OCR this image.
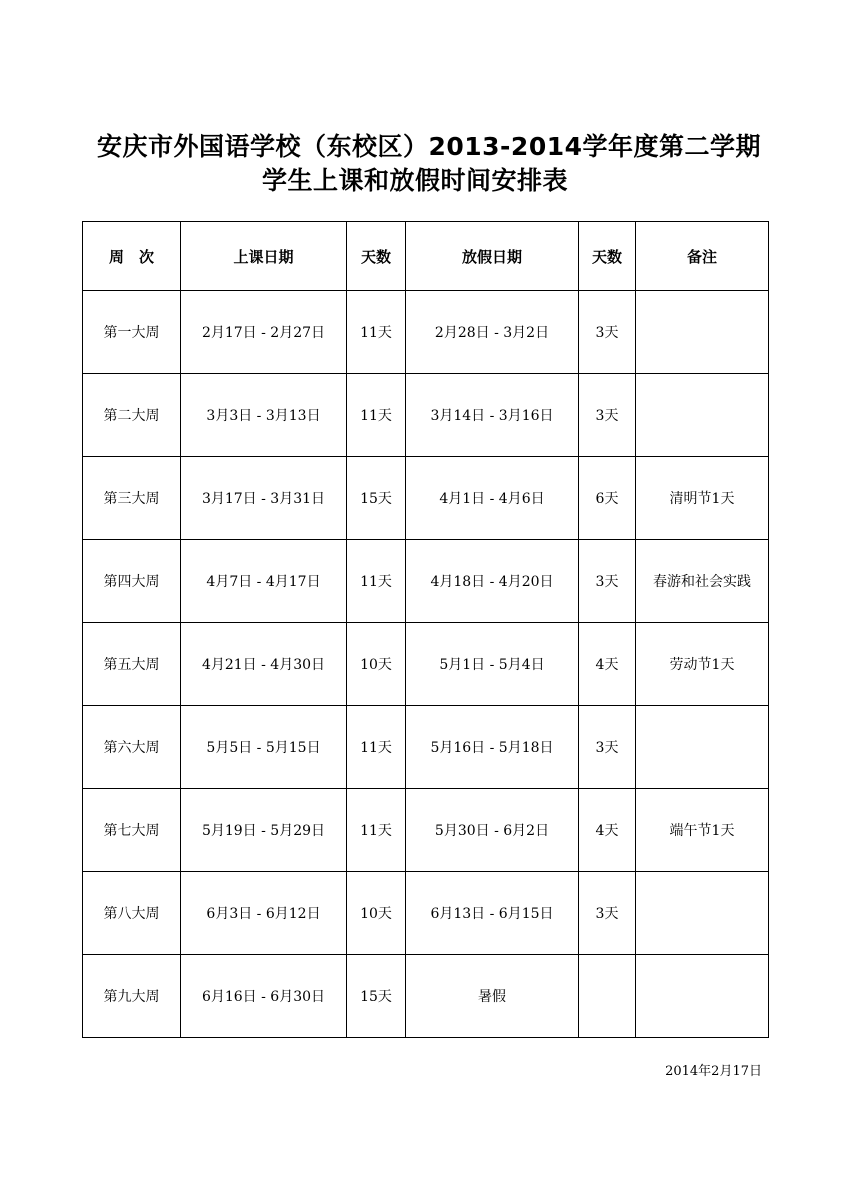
安庆市外国语学校（东校区）2013-2014学年度第二学期
学生上课和放假时间安排表
周　次	上课日期	天数	放假日期	天数	备注
第一大周	2月17日 - 2月27日	11天	2月28日 - 3月2日	3天	
第二大周	3月3日 - 3月13日	11天	3月14日 - 3月16日	3天	
第三大周	3月17日 - 3月31日	15天	4月1日 - 4月6日	6天	清明节1天
第四大周	4月7日 - 4月17日	11天	4月18日 - 4月20日	3天	春游和社会实践
第五大周	4月21日 - 4月30日	10天	5月1日 - 5月4日	4天	劳动节1天
第六大周	5月5日 - 5月15日	11天	5月16日 - 5月18日	3天	
第七大周	5月19日 - 5月29日	11天	5月30日 - 6月2日	4天	端午节1天
第八大周	6月3日 - 6月12日	10天	6月13日 - 6月15日	3天	
第九大周	6月16日 - 6月30日	15天	暑假		
2014年2月17日
